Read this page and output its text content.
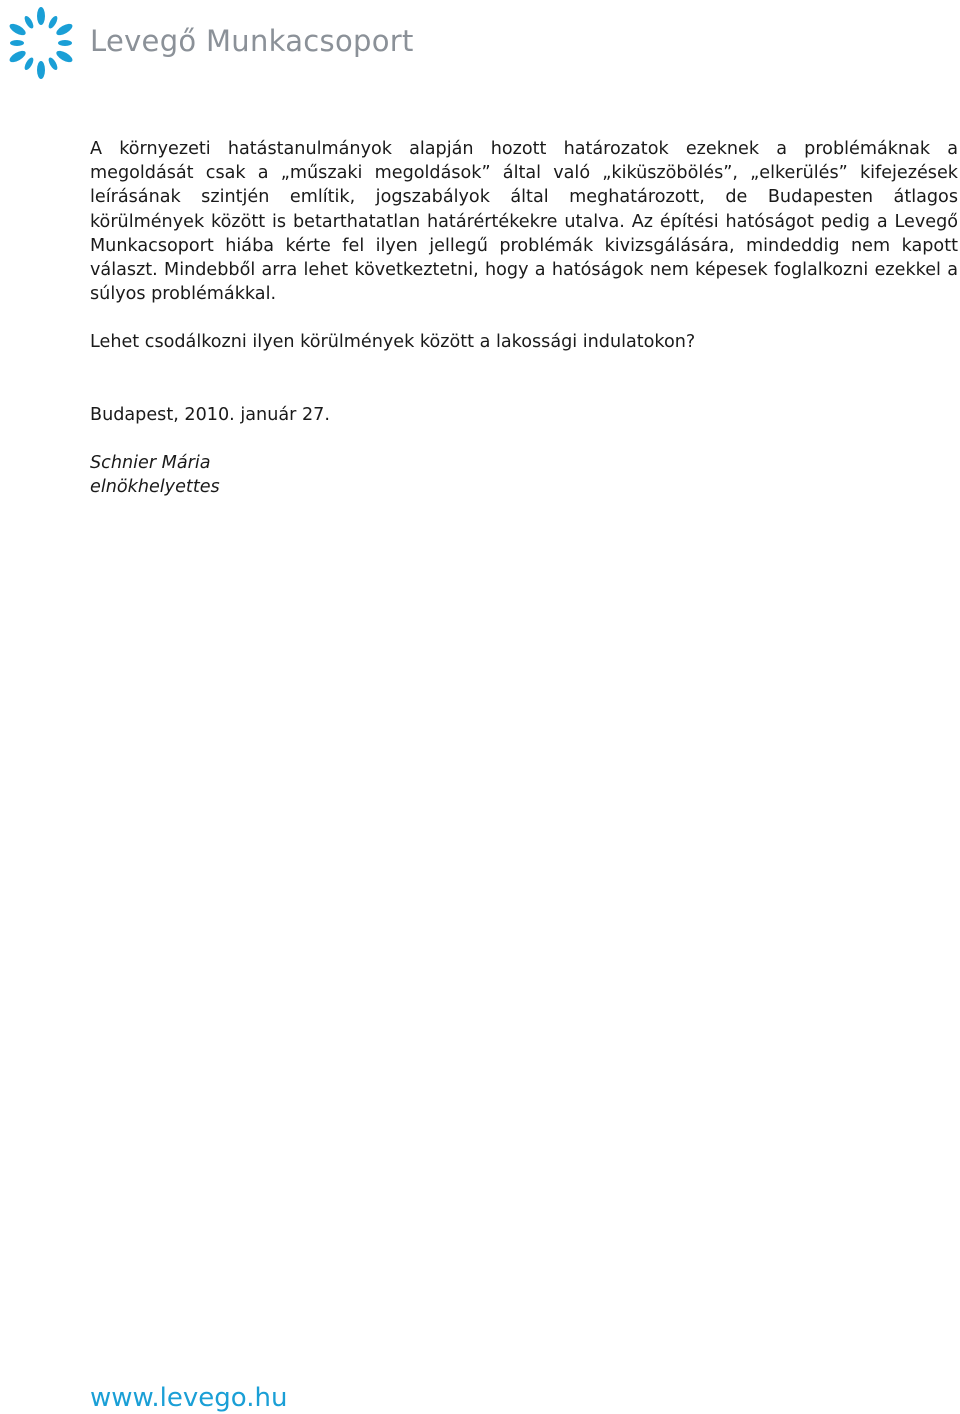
Levegő Munkacsoport

A környezeti hatástanulmányok alapján hozott határozatok ezeknek a problémáknak a megoldását csak a „műszaki megoldások” által való „kiküszöbölés”, „elkerülés” kifejezések leírásának szintjén említik, jogszabályok által meghatározott, de Budapesten átlagos körülmények között is betarthatatlan határértékekre utalva. Az építési hatóságot pedig a Levegő Munkacsoport hiába kérte fel ilyen jellegű problémák kivizsgálására, mindeddig nem kapott választ. Mindebből arra lehet következtetni, hogy a hatóságok nem képesek foglalkozni ezekkel a súlyos problémákkal.

Lehet csodálkozni ilyen körülmények között a lakossági indulatokon?

Budapest, 2010. január 27.

Schnier Mária
elnökhelyettes
www.levego.hu
